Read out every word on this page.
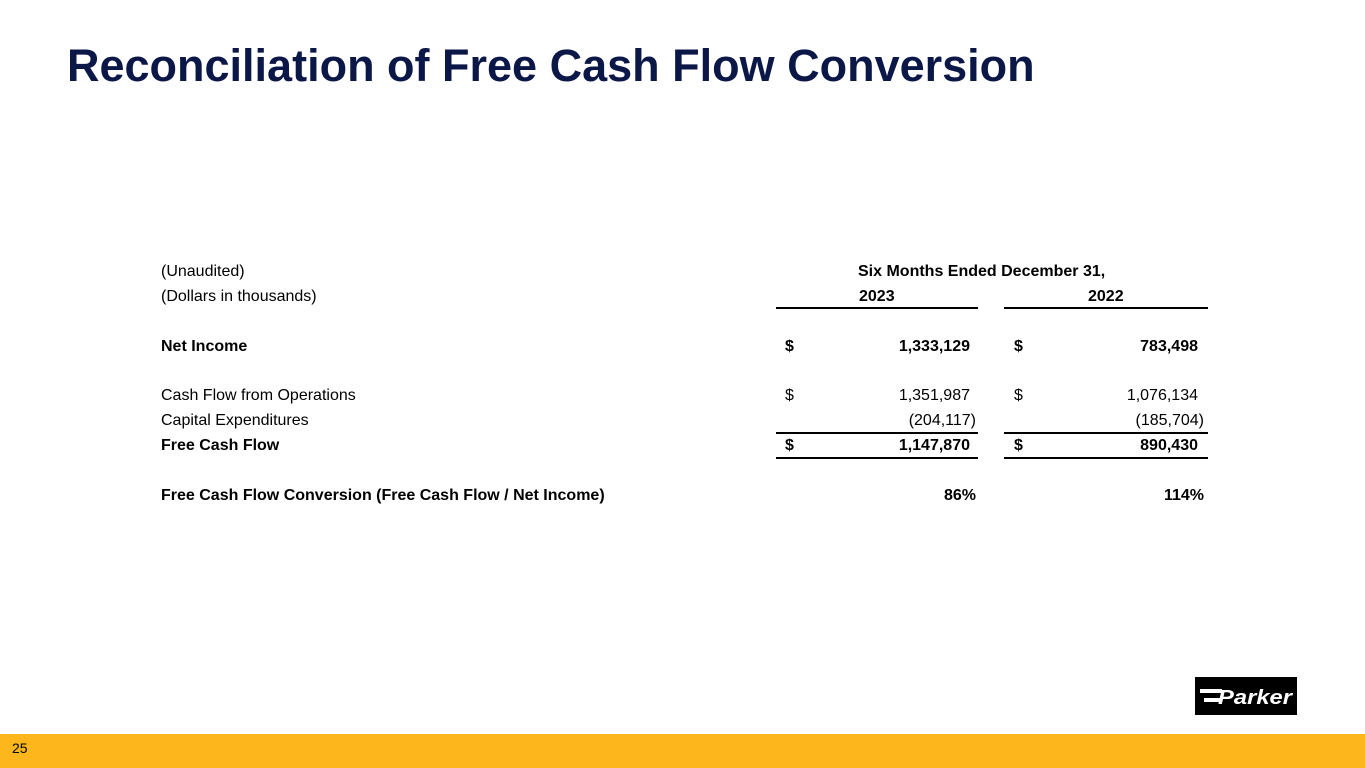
Reconciliation of Free Cash Flow Conversion
(Unaudited)
(Dollars in thousands)
Six Months Ended December 31,
2023	2022
Net Income	$	1,333,129	$	783,498
Cash Flow from Operations	$	1,351,987	$	1,076,134
Capital Expenditures	(204,117)	(185,704)
Free Cash Flow	$	1,147,870	$	890,430
Free Cash Flow Conversion (Free Cash Flow / Net Income)	86%	114%
Parker
25
